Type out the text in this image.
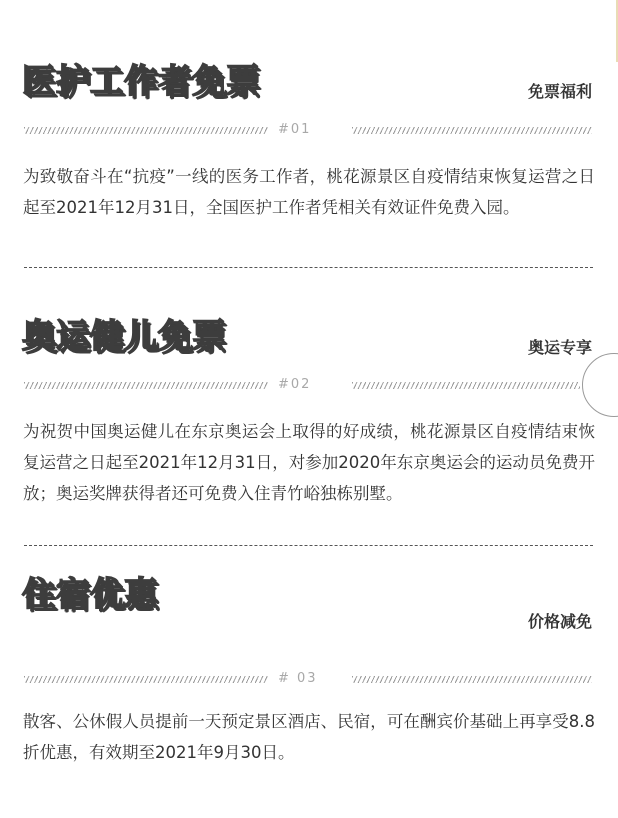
医护工作者免票	免票福利
#01

为致敬奋斗在“抗疫”一线的医务工作者，桃花源景区自疫情结束恢复运营之日起至2021年12月31日，全国医护工作者凭相关有效证件免费入园。

奥运健儿免票	奥运专享
#02

为祝贺中国奥运健儿在东京奥运会上取得的好成绩，桃花源景区自疫情结束恢复运营之日起至2021年12月31日，对参加2020年东京奥运会的运动员免费开放；奥运奖牌获得者还可免费入住青竹峪独栋别墅。

住宿优惠
价格减免
# 03

散客、公休假人员提前一天预定景区酒店、民宿，可在酬宾价基础上再享受8.8折优惠，有效期至2021年9月30日。
